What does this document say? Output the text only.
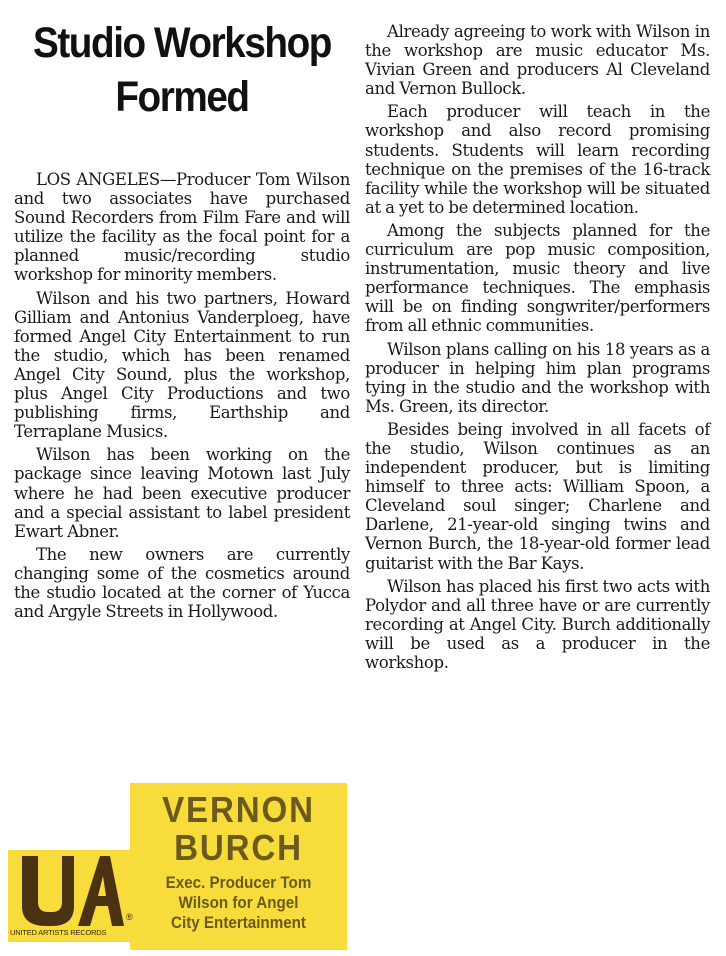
Studio Workshop
Formed

LOS ANGELES—Producer Tom Wilson and two associates have purchased Sound Recorders from Film Fare and will utilize the facility as the focal point for a planned music/recording studio workshop for minority members.

Wilson and his two partners, Howard Gilliam and Antonius Vanderploeg, have formed Angel City Entertainment to run the studio, which has been renamed Angel City Sound, plus the workshop, plus Angel City Productions and two publishing firms, Earthship and Terraplane Musics.

Wilson has been working on the package since leaving Motown last July where he had been executive producer and a special assistant to label president Ewart Abner.

The new owners are currently changing some of the cosmetics around the studio located at the corner of Yucca and Argyle Streets in Hollywood.

Already agreeing to work with Wilson in the workshop are music educator Ms. Vivian Green and producers Al Cleveland and Vernon Bullock.

Each producer will teach in the workshop and also record promising students. Students will learn recording technique on the premises of the 16-track facility while the workshop will be situated at a yet to be determined location.

Among the subjects planned for the curriculum are pop music composition, instrumentation, music theory and live performance techniques. The emphasis will be on finding songwriter/performers from all ethnic communities.

Wilson plans calling on his 18 years as a producer in helping him plan programs tying in the studio and the workshop with Ms. Green, its director.

Besides being involved in all facets of the studio, Wilson continues as an independent producer, but is limiting himself to three acts: William Spoon, a Cleveland soul singer; Charlene and Darlene, 21-year-old singing twins and Vernon Burch, the 18-year-old former lead guitarist with the Bar Kays.

Wilson has placed his first two acts with Polydor and all three have or are currently recording at Angel City. Burch additionally will be used as a producer in the workshop.

VERNON
BURCH
Exec. Producer Tom
Wilson for Angel
City Entertainment
®
UNITED ARTISTS RECORDS
